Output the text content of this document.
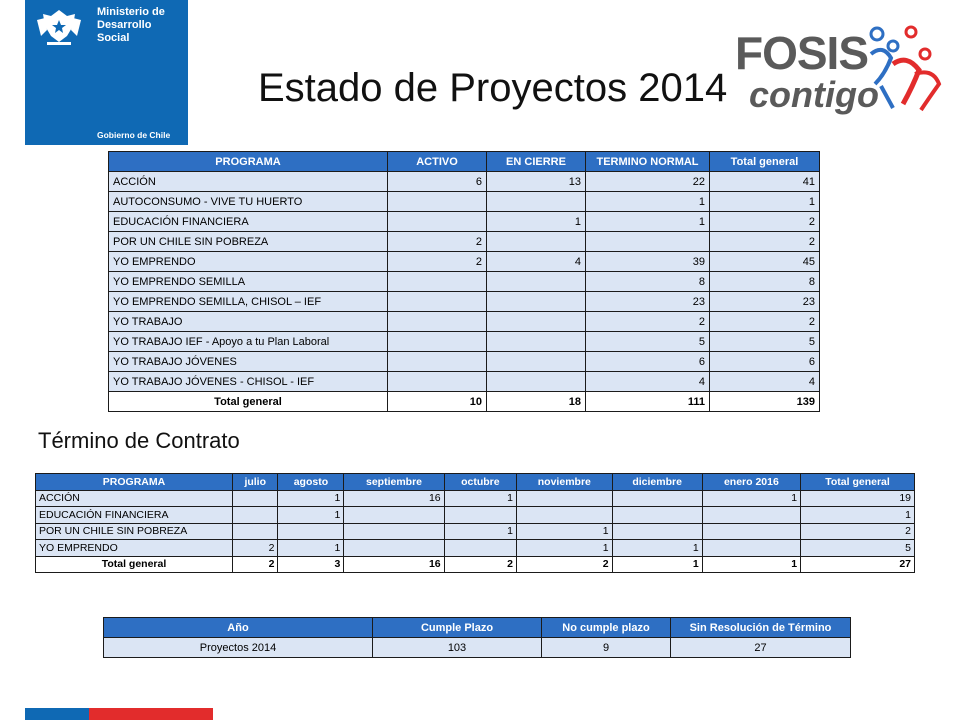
Ministerio de
Desarrollo
Social
Gobierno de Chile
Estado de Proyectos 2014
FOSIS
contigo
PROGRAMA	ACTIVO	EN CIERRE	TERMINO NORMAL	Total general
ACCIÓN	6	13	22	41
AUTOCONSUMO - VIVE TU HUERTO			1	1
EDUCACIÓN FINANCIERA		1	1	2
POR UN CHILE SIN POBREZA	2			2
YO EMPRENDO	2	4	39	45
YO EMPRENDO SEMILLA			8	8
YO EMPRENDO SEMILLA, CHISOL – IEF			23	23
YO TRABAJO			2	2
YO TRABAJO IEF - Apoyo a tu Plan Laboral			5	5
YO TRABAJO JÓVENES			6	6
YO TRABAJO JÓVENES - CHISOL - IEF			4	4
Total general	10	18	111	139
Término de Contrato
PROGRAMA	julio	agosto	septiembre	octubre	noviembre	diciembre	enero 2016	Total general
ACCIÓN		1	16	1			1	19
EDUCACIÓN FINANCIERA		1						1
POR UN CHILE SIN POBREZA				1	1			2
YO EMPRENDO	2	1			1	1		5
Total general	2	3	16	2	2	1	1	27
Año	Cumple Plazo	No cumple plazo	Sin Resolución de Término
Proyectos 2014	103	9	27
